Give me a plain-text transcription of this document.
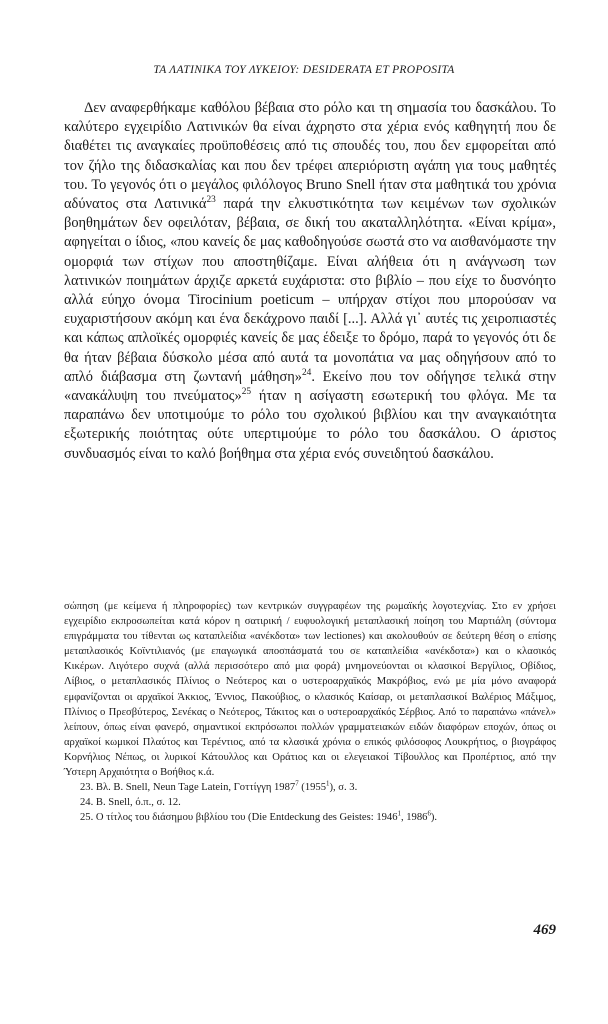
ΤΑ ΛΑΤΙΝΙΚΑ ΤΟΥ ΛΥΚΕΙΟΥ: DESIDERATA ET PROPOSITA

Δεν αναφερθήκαμε καθόλου βέβαια στο ρόλο και τη σημασία του δασκάλου. Το καλύτερο εγχειρίδιο Λατινικών θα είναι άχρηστο στα χέρια ενός καθηγητή που δε διαθέτει τις αναγκαίες προϋποθέσεις από τις σπουδές του, που δεν εμφορείται από τον ζήλο της διδασκαλίας και που δεν τρέφει απεριόριστη αγάπη για τους μαθητές του. Το γεγονός ότι ο μεγάλος φιλόλογος Bruno Snell ήταν στα μαθητικά του χρόνια αδύνατος στα Λατινικά$^{23}$ παρά την ελκυστικότητα των κειμένων των σχολικών βοηθημάτων δεν οφειλόταν, βέβαια, σε δική του ακαταλληλότητα. «Είναι κρίμα», αφηγείται ο ίδιος, «που κανείς δε μας καθοδηγούσε σωστά στο να αισθανόμαστε την ομορφιά των στίχων που αποστηθίζαμε. Είναι αλήθεια ότι η ανάγνωση των λατινικών ποιημάτων άρχιζε αρκετά ευχάριστα: στο βιβλίο – που είχε το δυσνόητο αλλά εύηχο όνομα Tirocinium poeticum – υπήρχαν στίχοι που μπορούσαν να ευχαριστήσουν ακόμη και ένα δεκάχρονο παιδί [...]. Αλλά γι᾽ αυτές τις χειροπιαστές και κάπως απλοϊκές ομορφιές κανείς δε μας έδειξε το δρόμο, παρά το γεγονός ότι δε θα ήταν βέβαια δύσκολο μέσα από αυτά τα μονοπάτια να μας οδηγήσουν από το απλό διάβασμα στη ζωντανή μάθηση»$^{24}$. Εκείνο που τον οδήγησε τελικά στην «ανακάλυψη του πνεύματος»$^{25}$ ήταν η ασίγαστη εσωτερική του φλόγα. Με τα παραπάνω δεν υποτιμούμε το ρόλο του σχολικού βιβλίου και την αναγκαιότητα εξωτερικής ποιότητας ούτε υπερτιμούμε το ρόλο του δασκάλου. Ο άριστος συνδυασμός είναι το καλό βοήθημα στα χέρια ενός συνειδητού δασκάλου.

σώπηση (με κείμενα ή πληροφορίες) των κεντρικών συγγραφέων της ρωμαϊκής λογοτεχνίας. Στο εν χρήσει εγχειρίδιο εκπροσωπείται κατά κόρον η σατιρική / ευφυολογική μεταπλασική ποίηση του Μαρτιάλη (σύντομα επιγράμματα του τίθενται ως καταπλείδια «ανέκδοτα» των lectiones) και ακολουθούν σε δεύτερη θέση ο επίσης μεταπλασικός Κοϊντιλιανός (με επαγωγικά αποσπάσματά του σε καταπλείδια «ανέκδοτα») και ο κλασικός Κικέρων. Λιγότερο συχνά (αλλά περισσότερο από μια φορά) μνημονεύονται οι κλασικοί Βεργίλιος, Οβίδιος, Λίβιος, ο μεταπλασικός Πλίνιος ο Νεότερος και ο υστεροαρχαϊκός Μακρόβιος, ενώ με μία μόνο αναφορά εμφανίζονται οι αρχαϊκοί Άκκιος, Έννιος, Πακούβιος, ο κλασικός Καίσαρ, οι μεταπλασικοί Βαλέριος Μάξιμος, Πλίνιος ο Πρεσβύτερος, Σενέκας ο Νεότερος, Τάκιτος και ο υστεροαρχαϊκός Σέρβιος. Από το παραπάνω «πάνελ» λείπουν, όπως είναι φανερό, σημαντικοί εκπρόσωποι πολλών γραμματειακών ειδών διαφόρων εποχών, όπως οι αρχαϊκοί κωμικοί Πλαύτος και Τερέντιος, από τα κλασικά χρόνια ο επικός φιλόσοφος Λουκρήτιος, ο βιογράφος Κορνήλιος Νέπως, οι λυρικοί Κάτουλλος και Οράτιος και οι ελεγειακοί Τίβουλλος και Προπέρτιος, από την Ύστερη Αρχαιότητα ο Βοήθιος κ.ά.

23. Βλ. B. Snell, Neun Tage Latein, Γοττίγγη 1987$^7$ (1955$^1$), σ. 3.

24. B. Snell, ό.π., σ. 12.

25. Ο τίτλος του διάσημου βιβλίου του (Die Entdeckung des Geistes: 1946$^1$, 1986$^6$).

469
